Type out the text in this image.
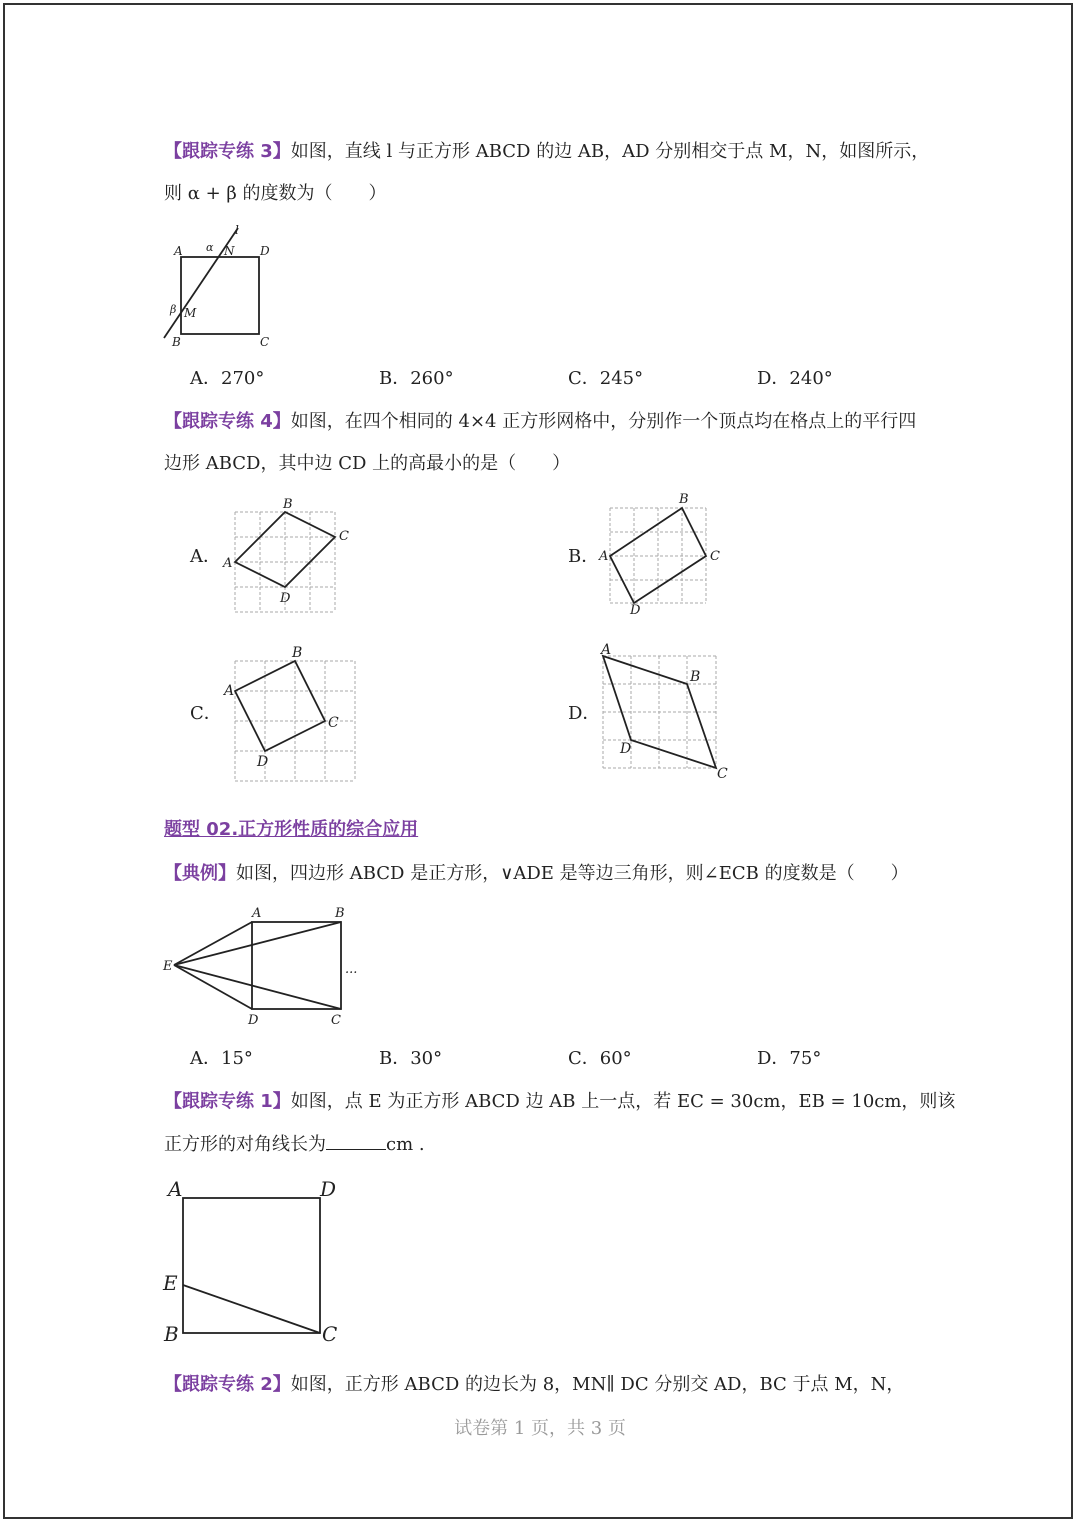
【跟踪专练 3】如图，直线 l 与正方形 ABCD 的边 AB，AD 分别相交于点 M，N，如图所示，
则 α + β 的度数为（　　）
A	D
B	C
N
M
l
α
β
A．270°	B．260°	C．245°	D．240°
【跟踪专练 4】如图，在四个相同的 4×4 正方形网格中，分别作一个顶点均在格点上的平行四
边形 ABCD，其中边 CD 上的高最小的是（　　）
A．
B
C
A
D
B．
B
C
A
D
C．
B
C
A
D
D．
A
B
C
D
题型 02.正方形性质的综合应用
【典例】如图，四边形 ABCD 是正方形，∨ADE 是等边三角形，则∠ECB 的度数是（　　）
A	B
E
D	C
...
A．15°	B．30°	C．60°	D．75°
【跟踪专练 1】如图，点 E 为正方形 ABCD 边 AB 上一点，若 EC = 30cm，EB = 10cm，则该
正方形的对角线长为	cm .
A	D
E
B	C
【跟踪专练 2】如图，正方形 ABCD 的边长为 8，MN∥ DC 分别交 AD，BC 于点 M，N，
试卷第 1 页，共 3 页
